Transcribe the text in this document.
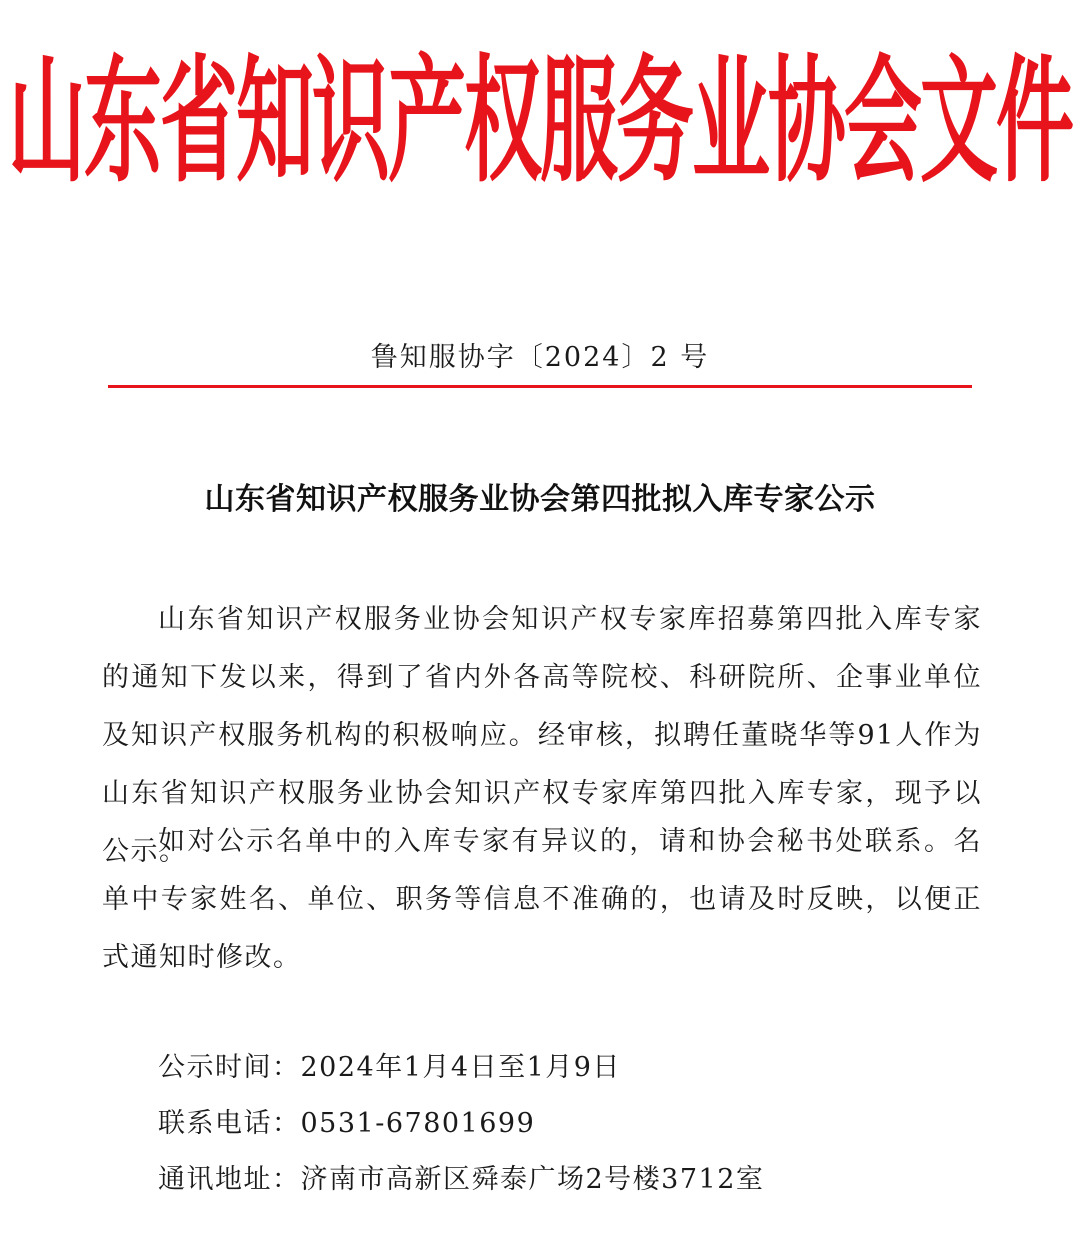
山东省知识产权服务业协会文件
鲁知服协字〔2024〕2 号
山东省知识产权服务业协会第四批拟入库专家公示

山东省知识产权服务业协会知识产权专家库招募第四批入库专家的通知下发以来，得到了省内外各高等院校、科研院所、企事业单位及知识产权服务机构的积极响应。经审核，拟聘任董晓华等91人作为山东省知识产权服务业协会知识产权专家库第四批入库专家，现予以公示。

如对公示名单中的入库专家有异议的，请和协会秘书处联系。名单中专家姓名、单位、职务等信息不准确的，也请及时反映，以便正式通知时修改。

公示时间：2024年1月4日至1月9日
联系电话：0531-67801699
通讯地址：济南市高新区舜泰广场2号楼3712室
